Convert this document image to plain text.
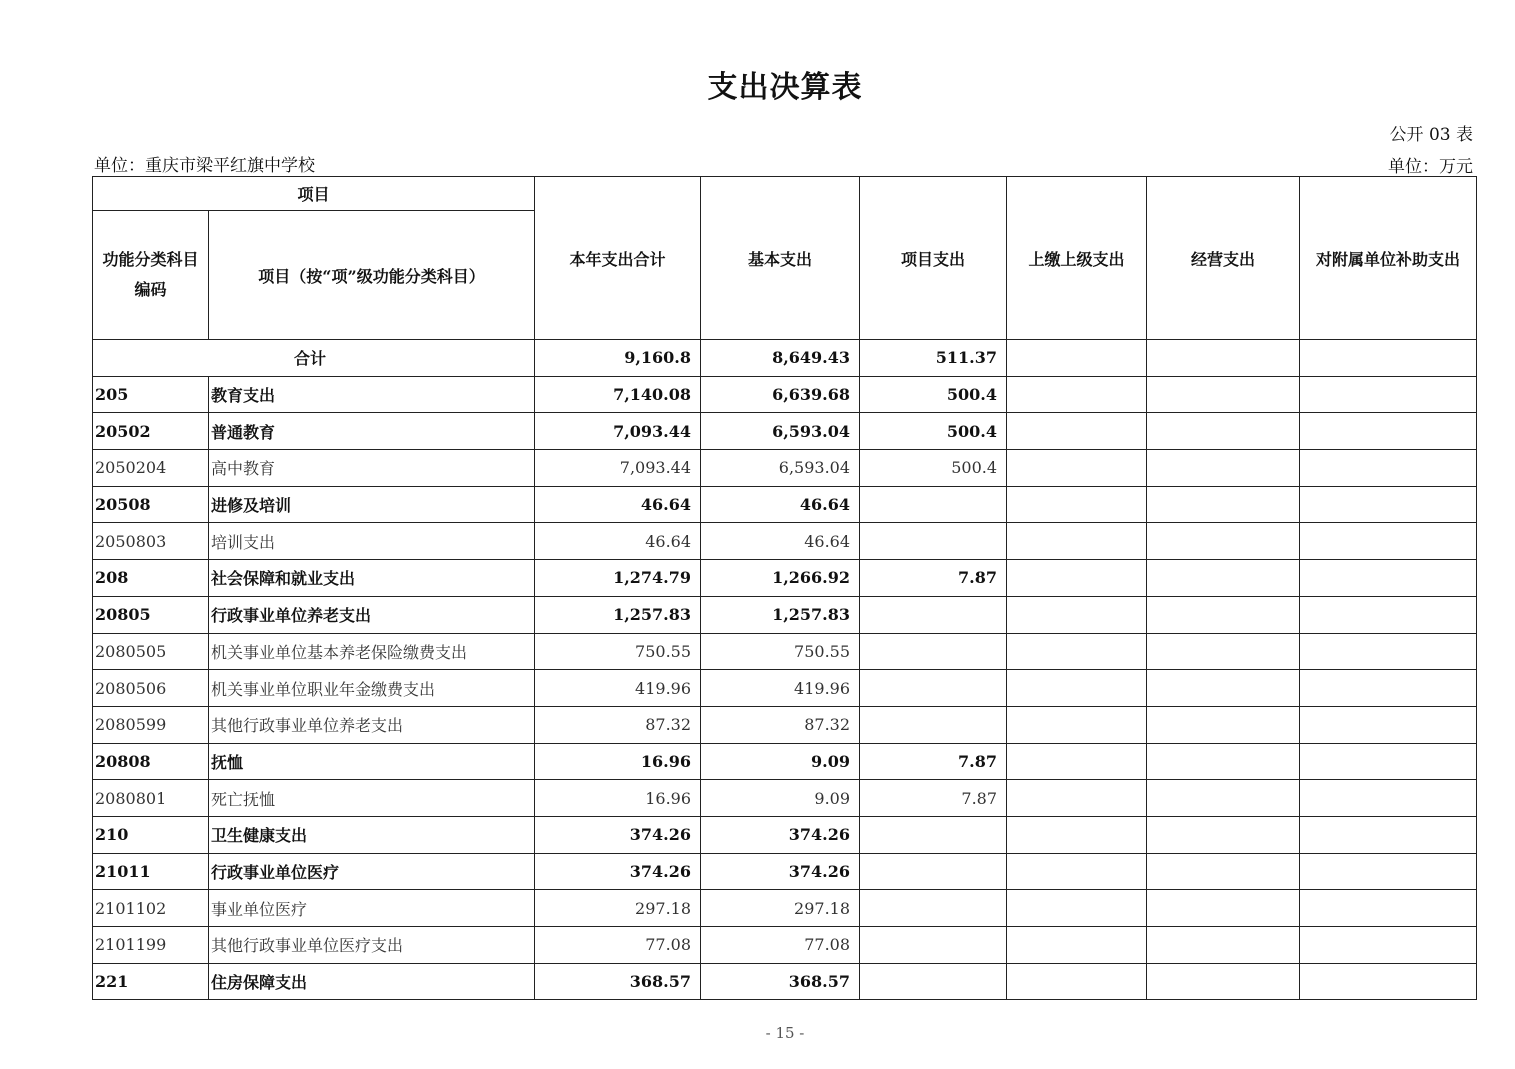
支出决算表
公开 03 表
单位：重庆市梁平红旗中学校	单位：万元
项目		本年支出合计	基本支出	项目支出	上缴上级支出	经营支出	对附属单位补助支出
功能分类科目编码	项目（按“项”级功能分类科目）						
合计		9,160.8	8,649.43	511.37			
205	教育支出	7,140.08	6,639.68	500.4			
20502	普通教育	7,093.44	6,593.04	500.4			
2050204	高中教育	7,093.44	6,593.04	500.4			
20508	进修及培训	46.64	46.64				
2050803	培训支出	46.64	46.64				
208	社会保障和就业支出	1,274.79	1,266.92	7.87			
20805	行政事业单位养老支出	1,257.83	1,257.83				
2080505	机关事业单位基本养老保险缴费支出	750.55	750.55				
2080506	机关事业单位职业年金缴费支出	419.96	419.96				
2080599	其他行政事业单位养老支出	87.32	87.32				
20808	抚恤	16.96	9.09	7.87			
2080801	死亡抚恤	16.96	9.09	7.87			
210	卫生健康支出	374.26	374.26				
21011	行政事业单位医疗	374.26	374.26				
2101102	事业单位医疗	297.18	297.18				
2101199	其他行政事业单位医疗支出	77.08	77.08				
221	住房保障支出	368.57	368.57				
- 15 -
